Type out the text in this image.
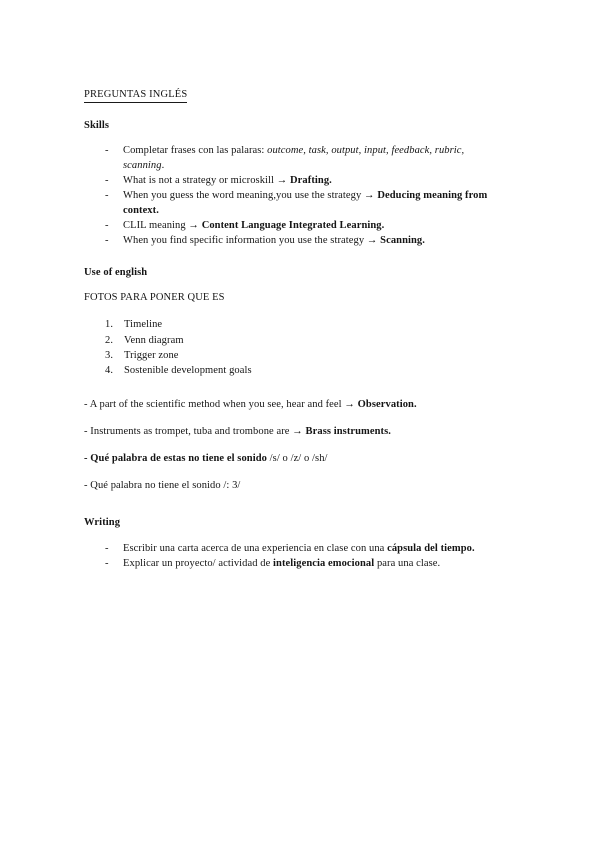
PREGUNTAS INGLÉS
Skills
- Completar frases con las palaras: outcome, task, output, input, feedback, rubric, scanning.
- What is not a strategy or microskill → Drafting.
- When you guess the word meaning,you use the strategy → Deducing meaning from context.
- CLIL meaning → Content Language Integrated Learning.
- When you find specific information you use the strategy → Scanning.
Use of english
FOTOS PARA PONER QUE ES
Timeline
Venn diagram
Trigger zone
Sostenible development goals
- A part of the scientific method when you see, hear and feel → Observation.
- Instruments as trompet, tuba and trombone are → Brass instruments.
- Qué palabra de estas no tiene el sonido /s/ o /z/ o /sh/
- Qué palabra no tiene el sonido /: 3/
Writing
- Escribir una carta acerca de una experiencia en clase con una cápsula del tiempo.
- Explicar un proyecto/ actividad de inteligencia emocional para una clase.
